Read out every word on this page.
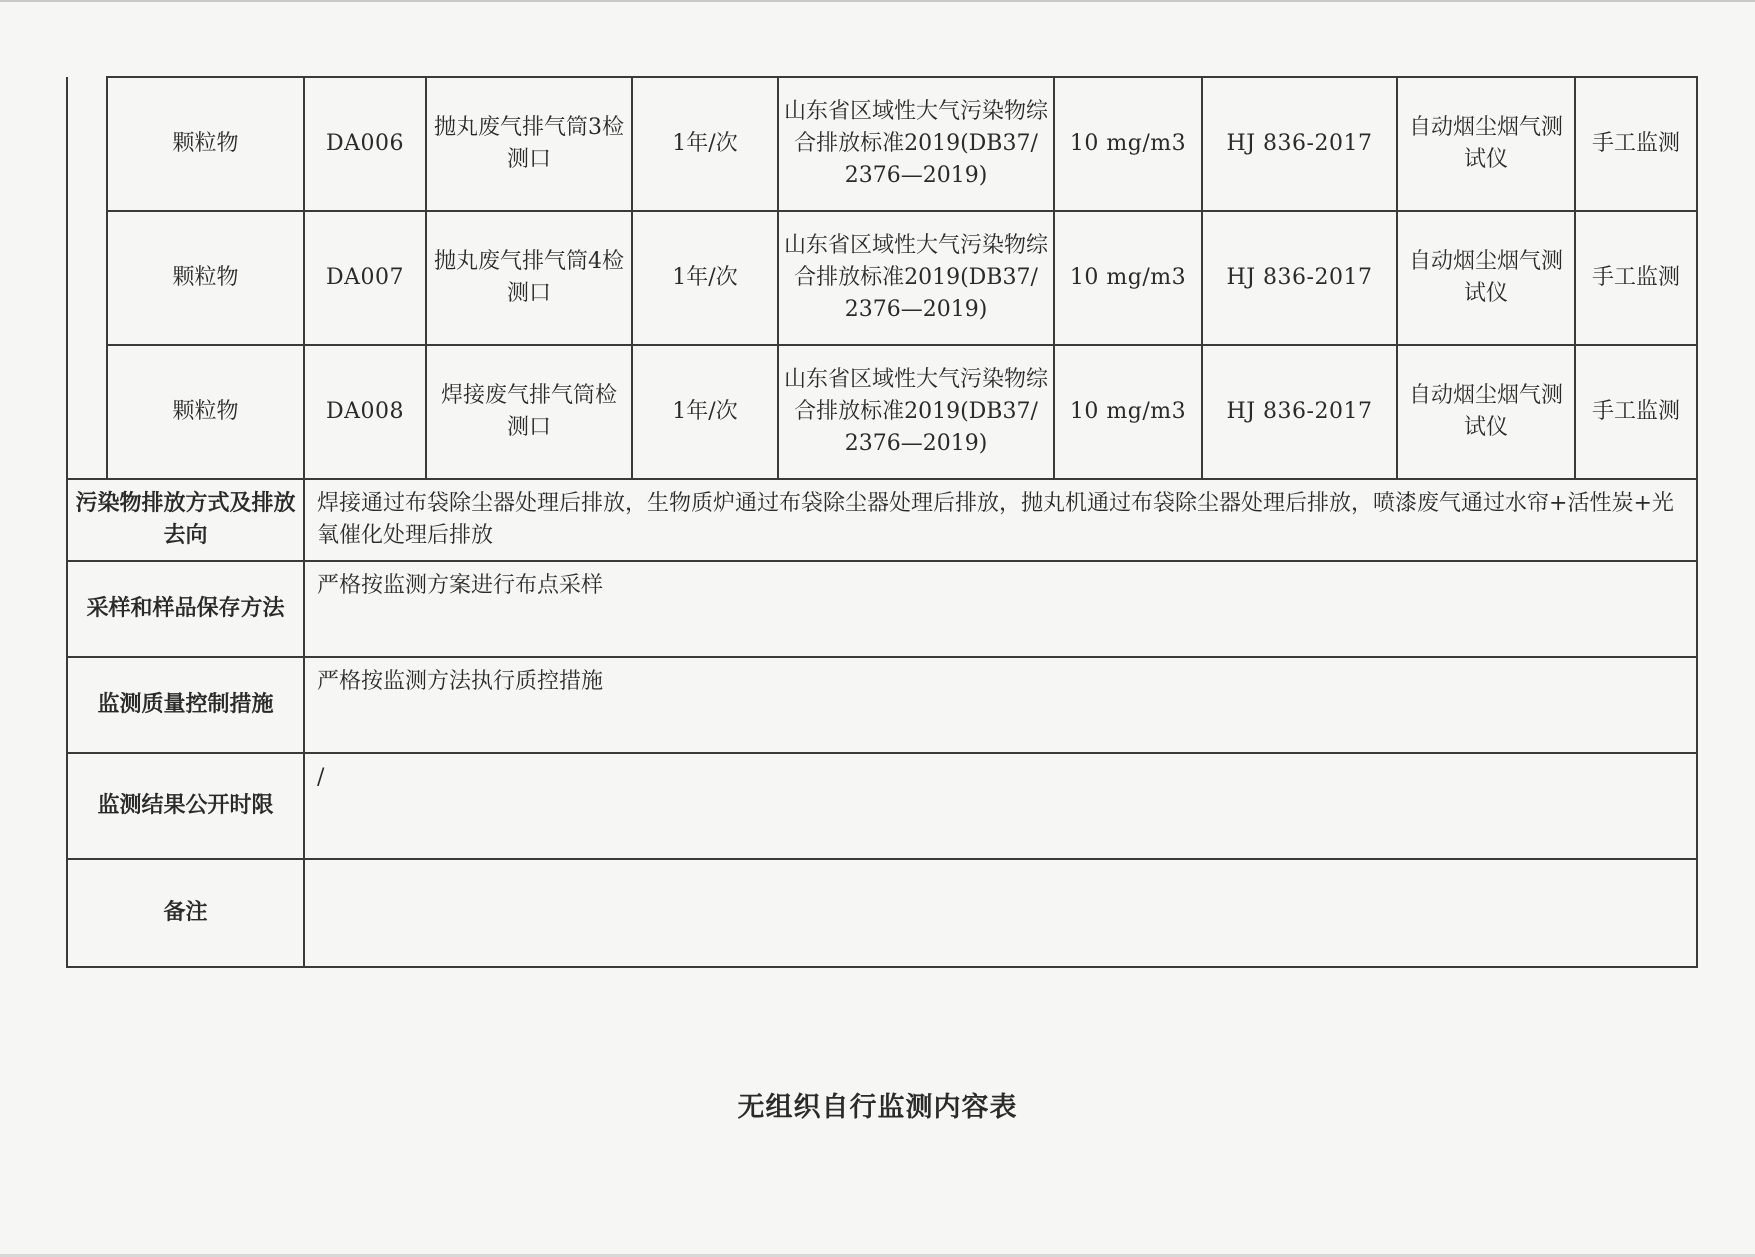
	颗粒物	DA006	抛丸废气排气筒3检测口	1年/次	山东省区域性大气污染物综合排放标准2019(DB37/ 2376—2019)	10 mg/m3	HJ 836-2017	自动烟尘烟气测试仪	手工监测
	颗粒物	DA007	抛丸废气排气筒4检测口	1年/次	山东省区域性大气污染物综合排放标准2019(DB37/ 2376—2019)	10 mg/m3	HJ 836-2017	自动烟尘烟气测试仪	手工监测
	颗粒物	DA008	焊接废气排气筒检测口	1年/次	山东省区域性大气污染物综合排放标准2019(DB37/ 2376—2019)	10 mg/m3	HJ 836-2017	自动烟尘烟气测试仪	手工监测
污染物排放方式及排放去向		焊接通过布袋除尘器处理后排放，生物质炉通过布袋除尘器处理后排放，抛丸机通过布袋除尘器处理后排放，喷漆废气通过水帘+活性炭+光氧催化处理后排放							
采样和样品保存方法		严格按监测方案进行布点采样							
监测质量控制措施		严格按监测方法执行质控措施							
监测结果公开时限		/							
备注									
无组织自行监测内容表
